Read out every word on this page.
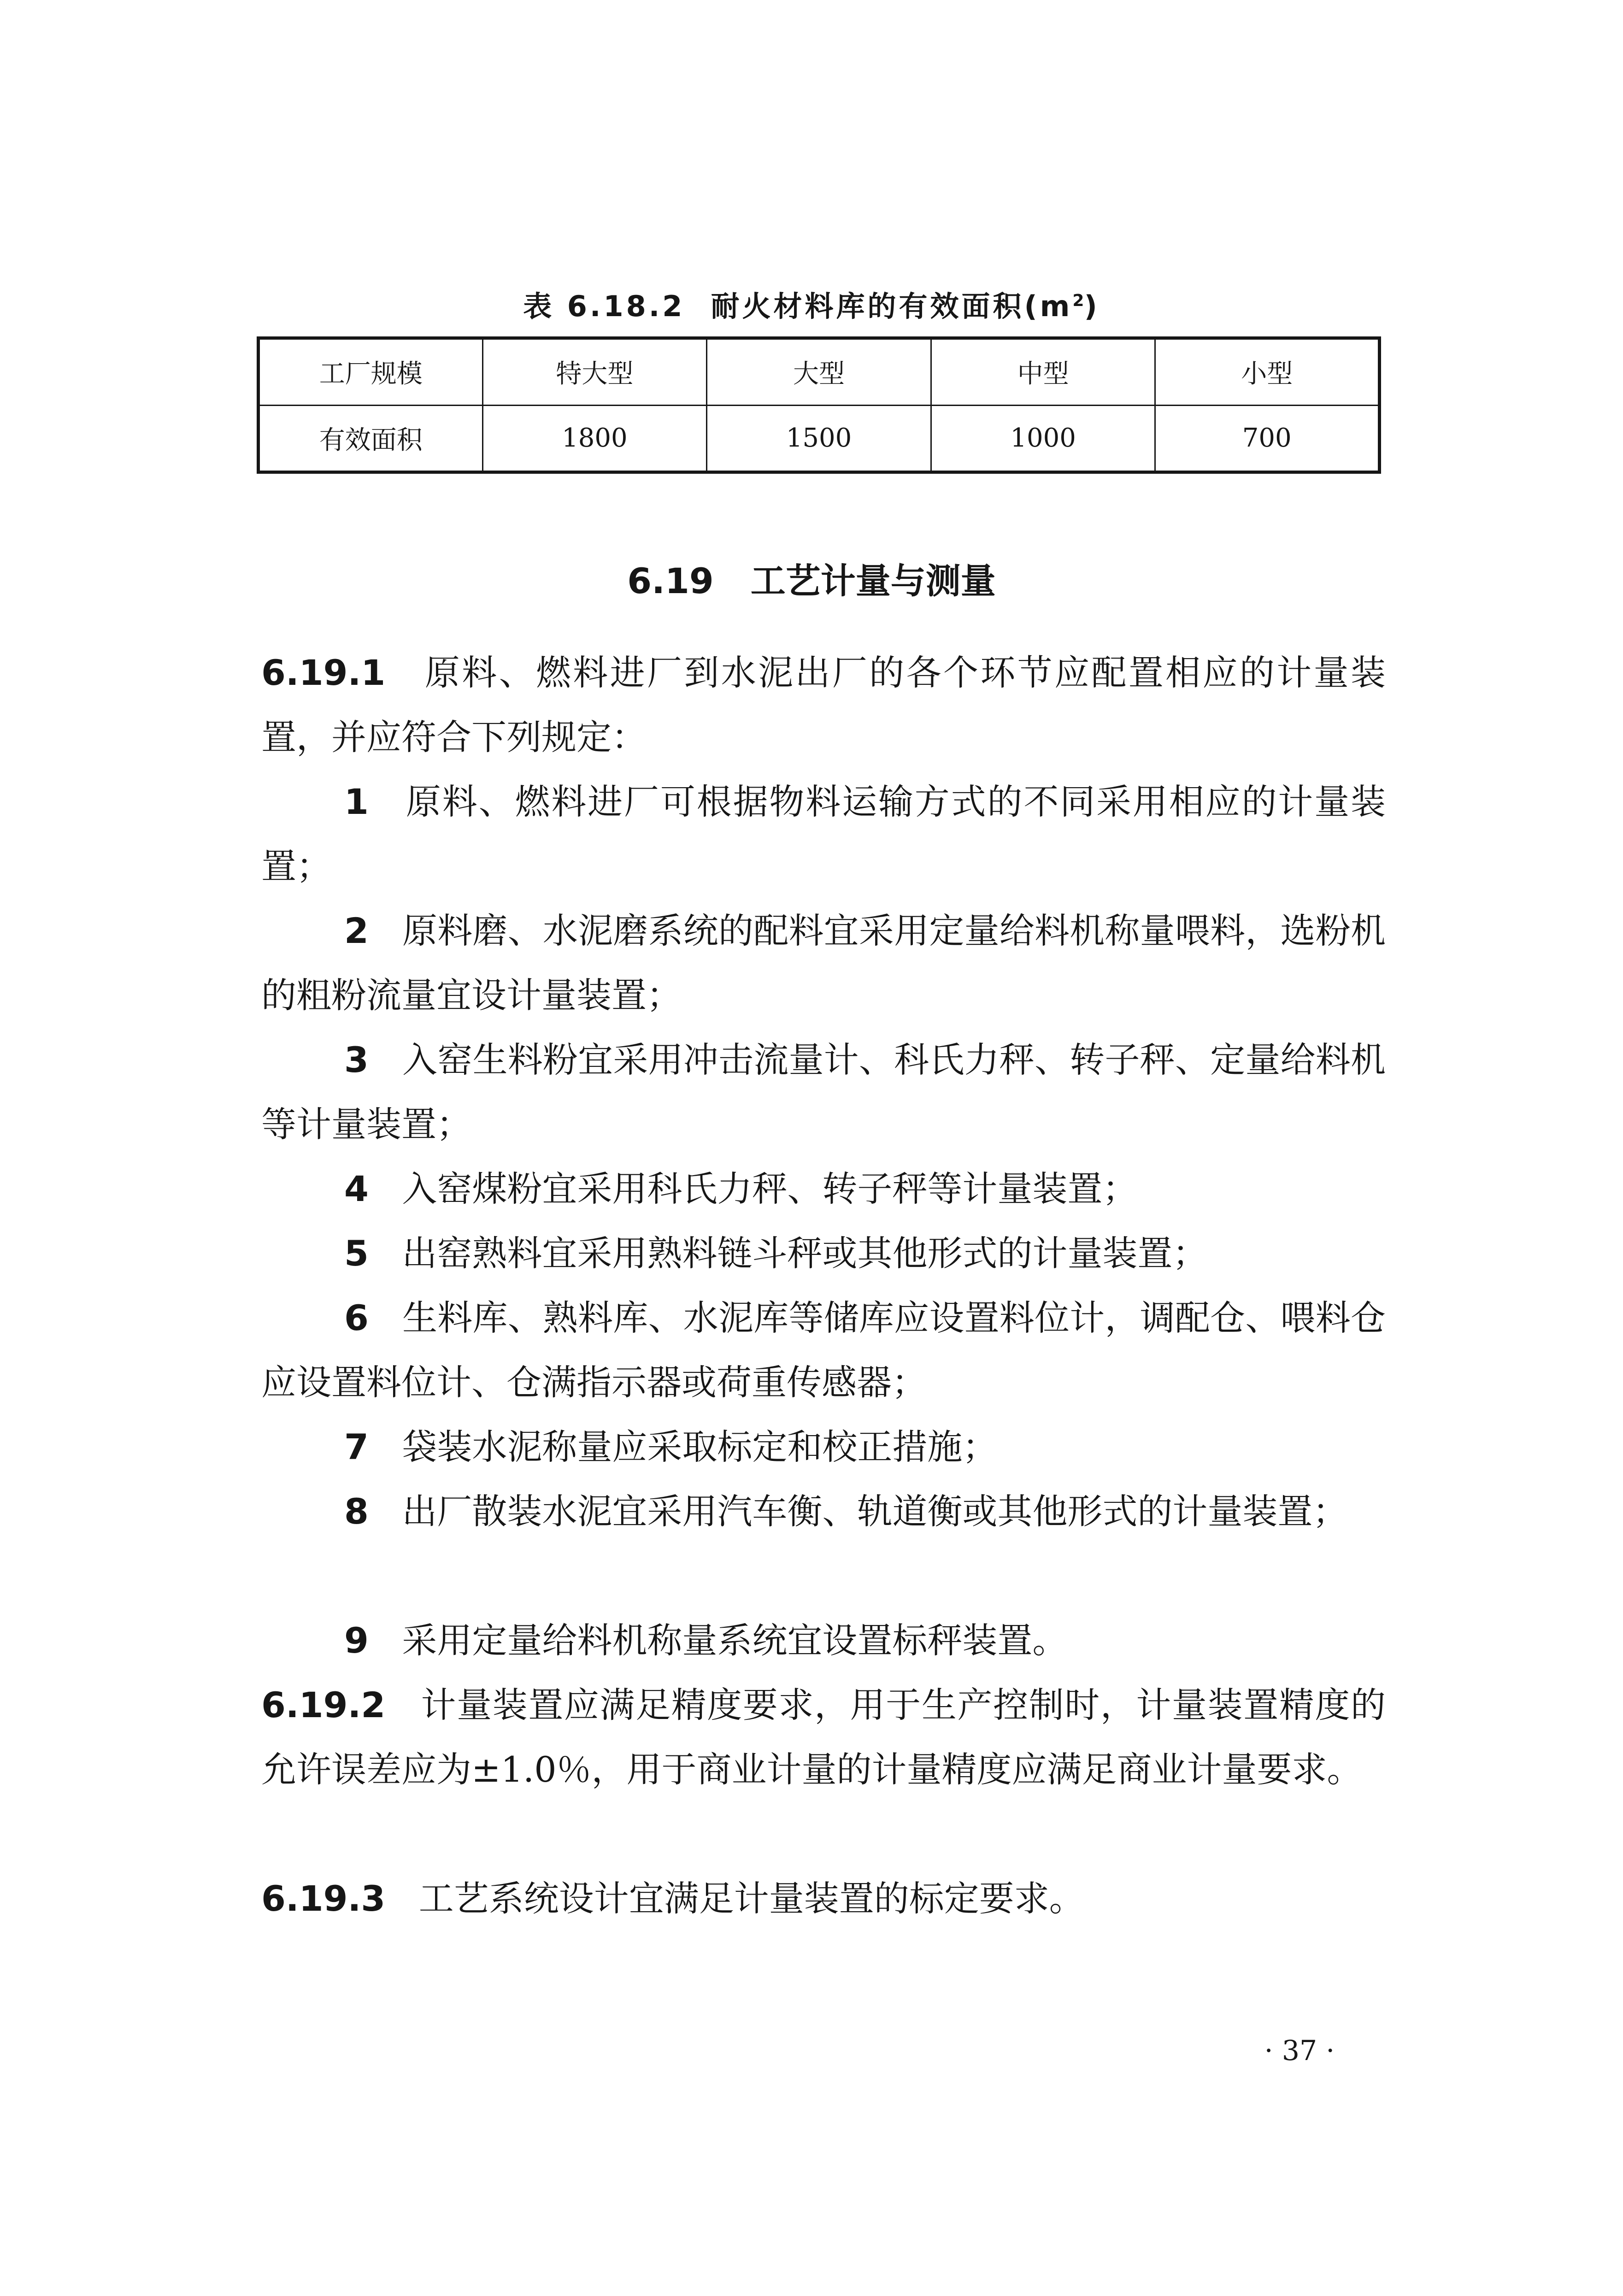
表 6.18.2 耐火材料库的有效面积$(m^2)$
工厂规模	特大型	大型	中型	小型
有效面积	1800	1500	1000	700
6.19 工艺计量与测量
6.19.1 原料、燃料进厂到水泥出厂的各个环节应配置相应的计量装置，并应符合下列规定：
1 原料、燃料进厂可根据物料运输方式的不同采用相应的计量装置；
2 原料磨、水泥磨系统的配料宜采用定量给料机称量喂料，选粉机的粗粉流量宜设计量装置；
3 入窑生料粉宜采用冲击流量计、科氏力秤、转子秤、定量给料机等计量装置；
4 入窑煤粉宜采用科氏力秤、转子秤等计量装置；
5 出窑熟料宜采用熟料链斗秤或其他形式的计量装置；
6 生料库、熟料库、水泥库等储库应设置料位计，调配仓、喂料仓应设置料位计、仓满指示器或荷重传感器；
7 袋装水泥称量应采取标定和校正措施；
8 出厂散装水泥宜采用汽车衡、轨道衡或其他形式的计量装置；
9 采用定量给料机称量系统宜设置标秤装置。
6.19.2 计量装置应满足精度要求，用于生产控制时，计量装置精度的允许误差应为±1.0％，用于商业计量的计量精度应满足商业计量要求。
6.19.3 工艺系统设计宜满足计量装置的标定要求。
· 37 ·
